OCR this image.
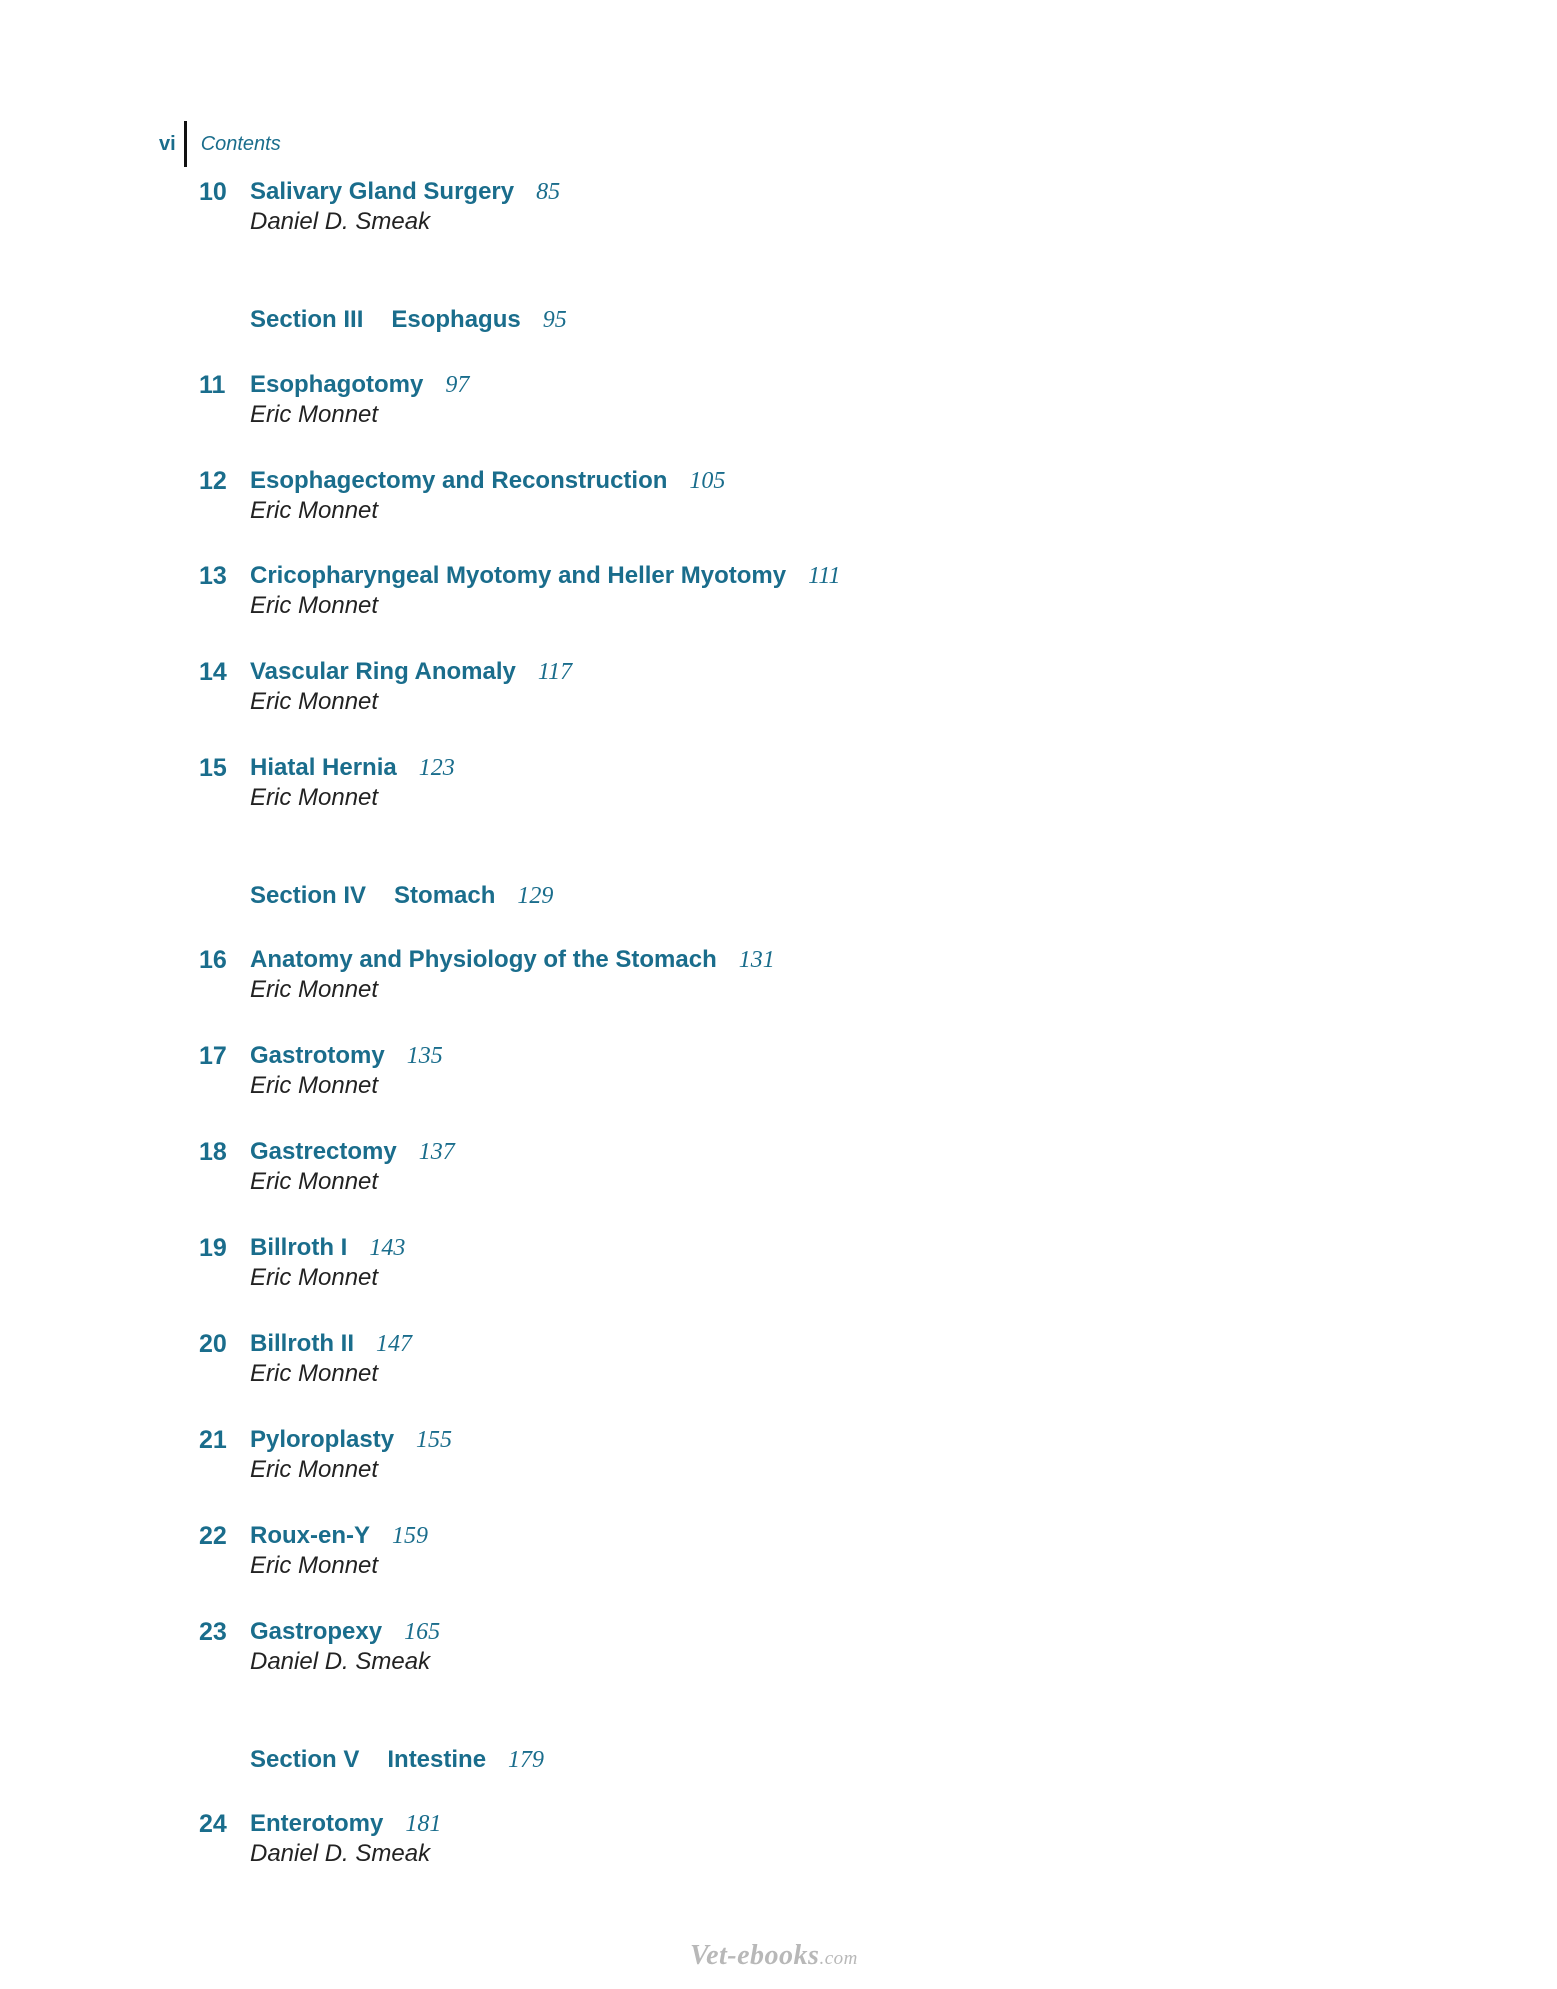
vi	Contents
10 Salivary Gland Surgery 85
Daniel D. Smeak
Section III Esophagus 95
11 Esophagotomy 97
Eric Monnet
12 Esophagectomy and Reconstruction 105
Eric Monnet
13 Cricopharyngeal Myotomy and Heller Myotomy 111
Eric Monnet
14 Vascular Ring Anomaly 117
Eric Monnet
15 Hiatal Hernia 123
Eric Monnet
Section IV Stomach 129
16 Anatomy and Physiology of the Stomach 131
Eric Monnet
17 Gastrotomy 135
Eric Monnet
18 Gastrectomy 137
Eric Monnet
19 Billroth I 143
Eric Monnet
20 Billroth II 147
Eric Monnet
21 Pyloroplasty 155
Eric Monnet
22 Roux-en-Y 159
Eric Monnet
23 Gastropexy 165
Daniel D. Smeak
Section V Intestine 179
24 Enterotomy 181
Daniel D. Smeak
Vet-ebooks.com
